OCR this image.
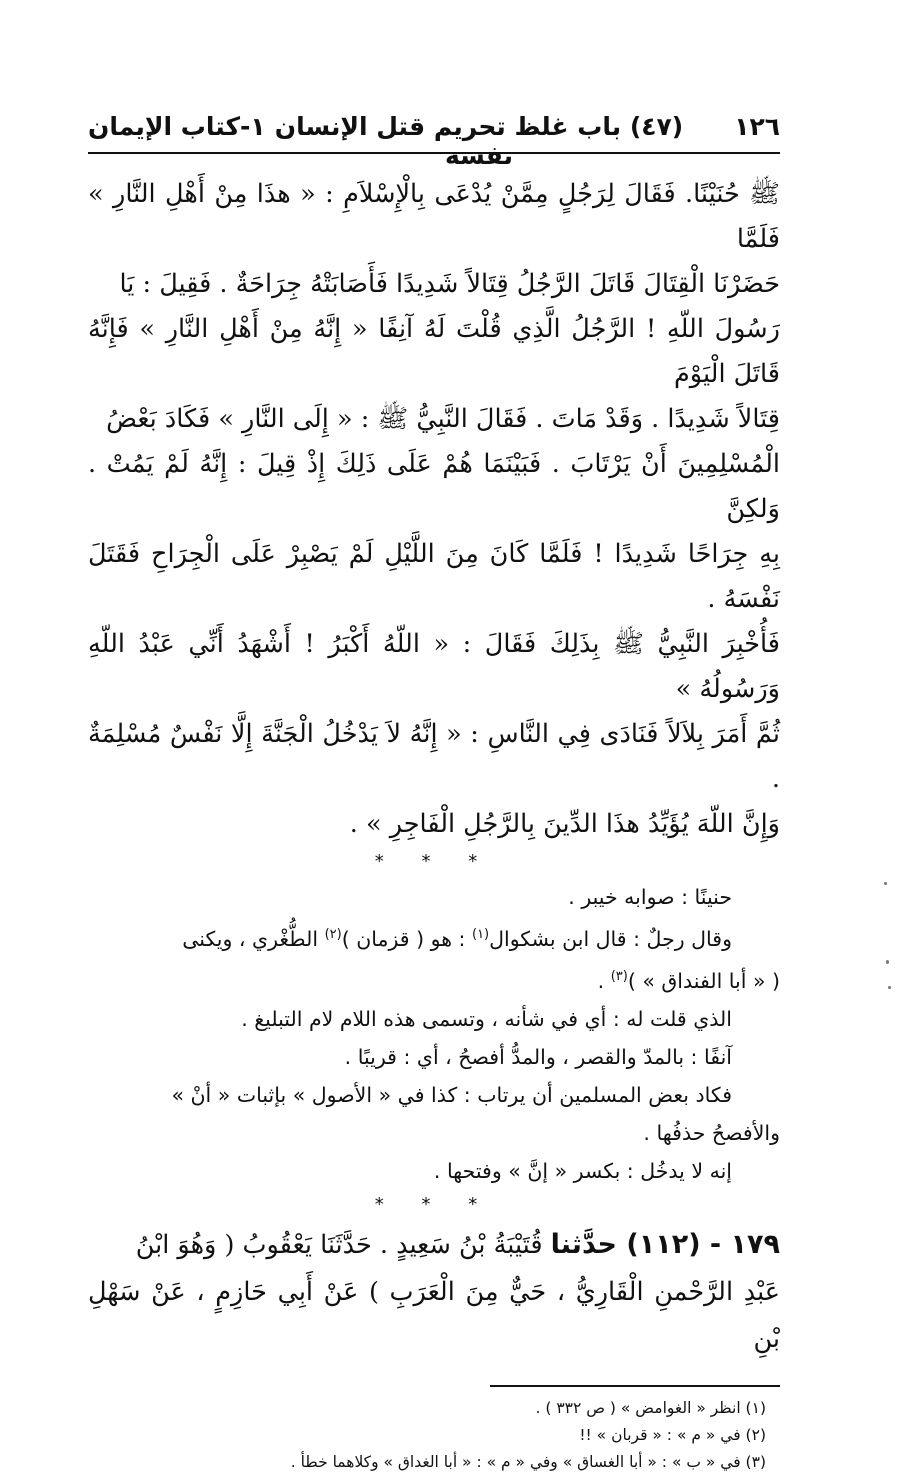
١٢٦
(٤٧) باب غلظ تحريم قتل الإنسان نفسه
١-كتاب الإيمان

ﷺ حُنَيْنًا. فَقَالَ لِرَجُلٍ مِمَّنْ يُدْعَى بِالْإِسْلاَمِ : « هذَا مِنْ أَهْلِ النَّارِ » فَلَمَّا

حَضَرْنَا الْقِتَالَ قَاتَلَ الرَّجُلُ قِتَالاً شَدِيدًا فَأَصَابَتْهُ جِرَاحَةٌ . فَقِيلَ : يَا

رَسُولَ اللّهِ ! الرَّجُلُ الَّذِي قُلْتَ لَهُ آنِفًا « إِنَّهُ مِنْ أَهْلِ النَّارِ » فَإِنَّهُ قَاتَلَ الْيَوْمَ

قِتَالاً شَدِيدًا . وَقَدْ مَاتَ . فَقَالَ النَّبِيُّ ﷺ : « إِلَى النَّارِ » فَكَادَ بَعْضُ

الْمُسْلِمِينَ أَنْ يَرْتَابَ . فَبَيْنَمَا هُمْ عَلَى ذَلِكَ إِذْ قِيلَ : إِنَّهُ لَمْ يَمُتْ . وَلكِنَّ

بِهِ جِرَاحًا شَدِيدًا ! فَلَمَّا كَانَ مِنَ اللَّيْلِ لَمْ يَصْبِرْ عَلَى الْجِرَاحِ فَقَتَلَ نَفْسَهُ .

فَأُخْبِرَ النَّبِيُّ ﷺ بِذَلِكَ فَقَالَ : « اللّهُ أَكْبَرُ ! أَشْهَدُ أَنِّي عَبْدُ اللّهِ وَرَسُولُهُ »

ثُمَّ أَمَرَ بِلاَلاً فَنَادَى فِي النَّاسِ : « إِنَّهُ لاَ يَدْخُلُ الْجَنَّةَ إِلَّا نَفْسٌ مُسْلِمَةٌ .

وَإِنَّ اللّهَ يُؤَيِّدُ هذَا الدِّينَ بِالرَّجُلِ الْفَاجِرِ » .

* * *

حنينًا : صوابه خيبر .

وقال رجلٌ : قال ابن بشكوال$^{(١)}$ : هو ( قزمان )$^{(٢)}$ الطُّغْري ، ويكنى

( « أبا الفنداق » )$^{(٣)}$ .

الذي قلت له : أي في شأنه ، وتسمى هذه اللام لام التبليغ .

آنفًا : بالمدّ والقصر ، والمدُّ أفصحُ ، أي : قريبًا .

فكاد بعض المسلمين أن يرتاب : كذا في « الأصول » بإثبات « أنْ »

والأفصحُ حذفُها .

إنه لا يدخُل : بكسر « إنَّ » وفتحها .

* * *

١٧٩ - (١١٢) حدَّثنا قُتَيْبَةُ بْنُ سَعِيدٍ . حَدَّثَنَا يَعْقُوبُ ( وَهُوَ ابْنُ

عَبْدِ الرَّحْمنِ الْقَارِيُّ ، حَيٌّ مِنَ الْعَرَبِ ) عَنْ أَبِي حَازِمٍ ، عَنْ سَهْلِ بْنِ

(١) انظر « الغوامض » ( ص ٣٣٢ ) .

(٢) في « م » : « قربان » !!

(٣) في « ب » : « أبا الغساق » وفي « م » : « أبا الغداق » وكلاهما خطأ .
